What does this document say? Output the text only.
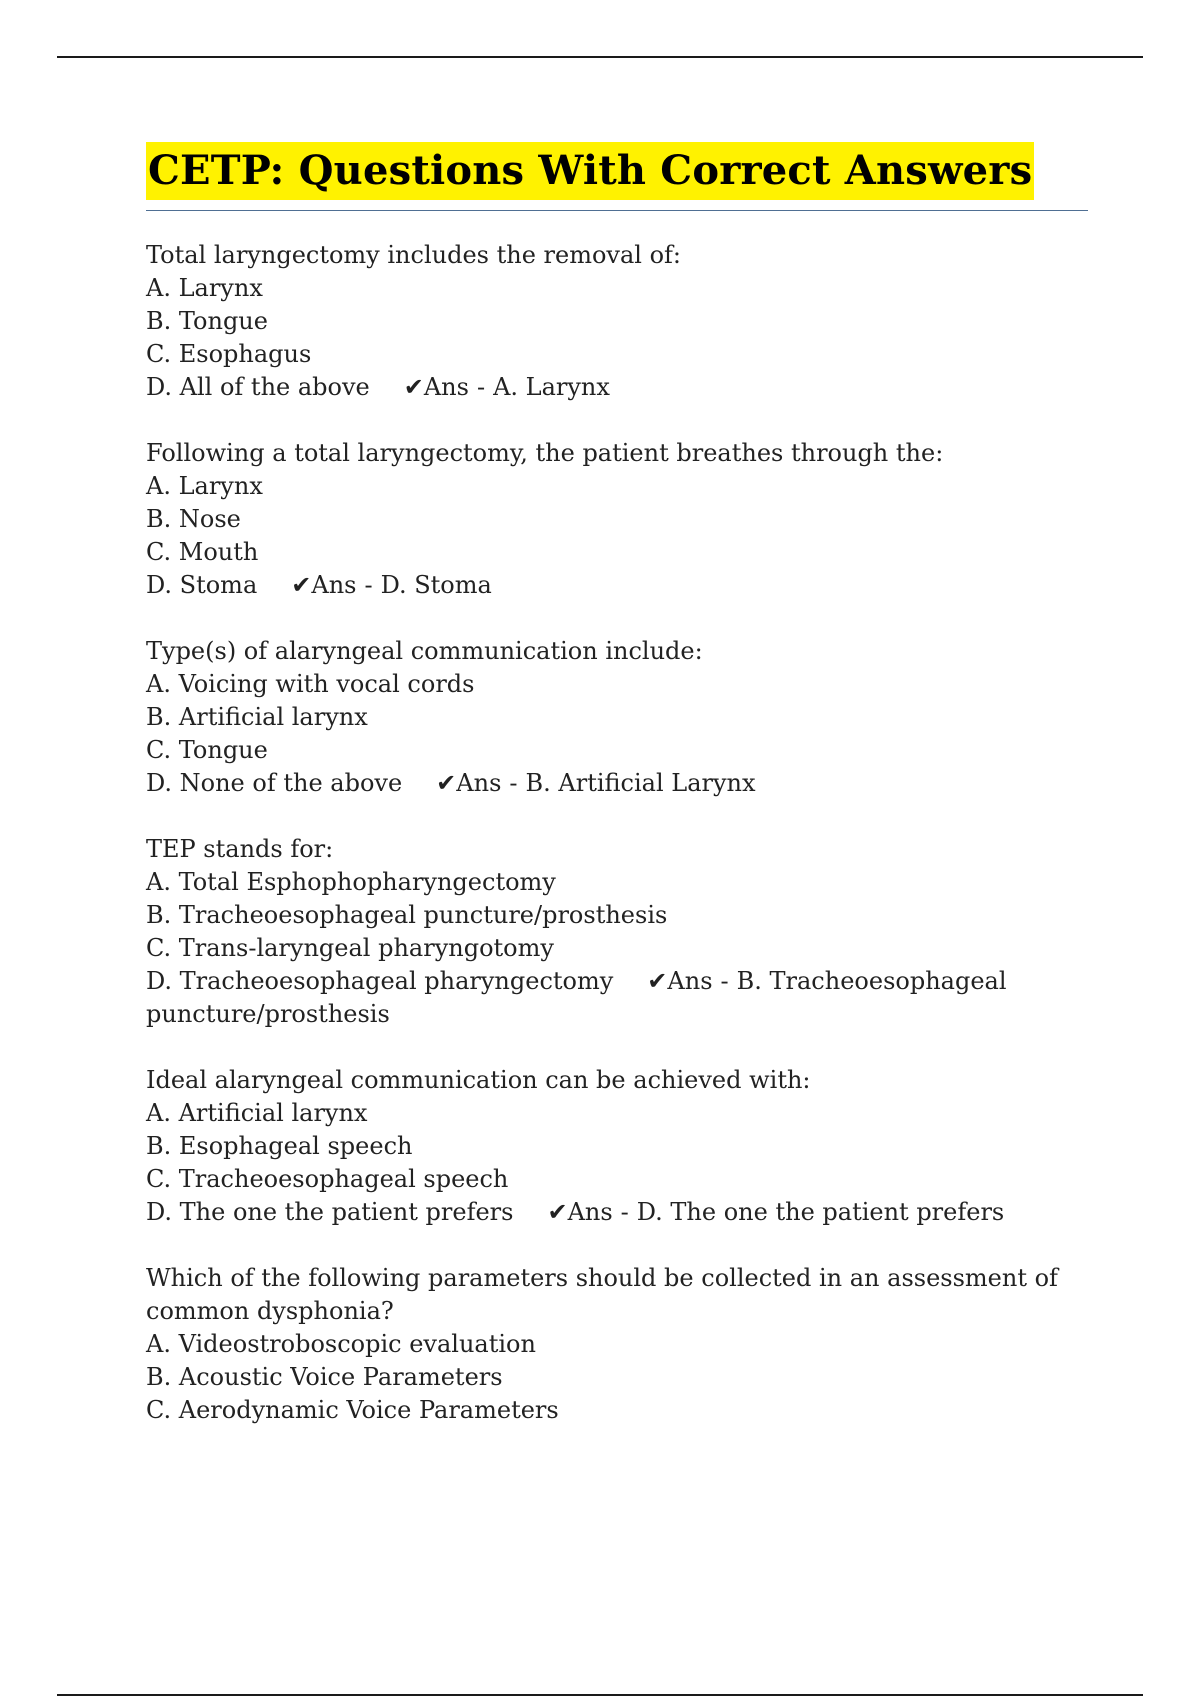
CETP: Questions With Correct Answers
Total laryngectomy includes the removal of:
A. Larynx
B. Tongue
C. Esophagus
D. All of the above ✔Ans - A. Larynx
Following a total laryngectomy, the patient breathes through the:
A. Larynx
B. Nose
C. Mouth
D. Stoma ✔Ans - D. Stoma
Type(s) of alaryngeal communication include:
A. Voicing with vocal cords
B. Artificial larynx
C. Tongue
D. None of the above ✔Ans - B. Artificial Larynx
TEP stands for:
A. Total Esphophopharyngectomy
B. Tracheoesophageal puncture/prosthesis
C. Trans-laryngeal pharyngotomy
D. Tracheoesophageal pharyngectomy ✔Ans - B. Tracheoesophageal puncture/prosthesis
Ideal alaryngeal communication can be achieved with:
A. Artificial larynx
B. Esophageal speech
C. Tracheoesophageal speech
D. The one the patient prefers ✔Ans - D. The one the patient prefers
Which of the following parameters should be collected in an assessment of common dysphonia?
A. Videostroboscopic evaluation
B. Acoustic Voice Parameters
C. Aerodynamic Voice Parameters
